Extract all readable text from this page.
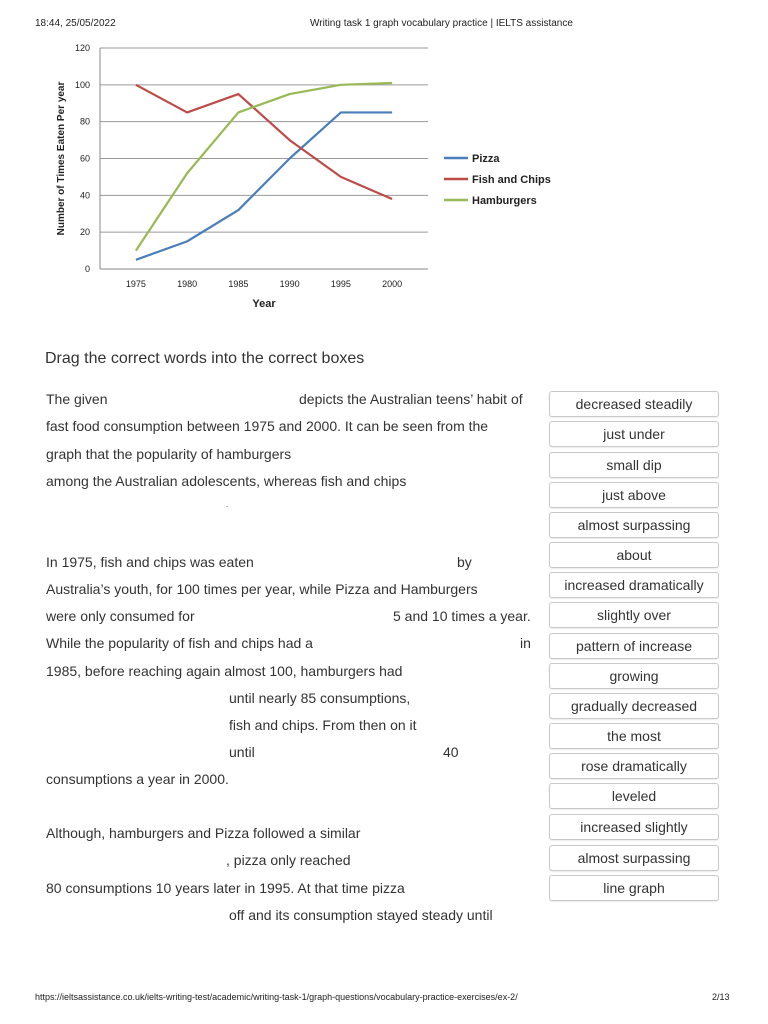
18:44, 25/05/2022	Writing task 1 graph vocabulary practice | IELTS assistance
0
20
40
60
80
100
120
1975	1980	1985	1990	1995	2000
Pizza
Fish and Chips
Hamburgers
Number of Times Eaten Per year
Year
Drag the correct words into the correct boxes
The given	depicts the Australian teens’ habit of
fast food consumption between 1975 and 2000. It can be seen from the
graph that the popularity of hamburgers
among the Australian adolescents, whereas fish and chips
.
In 1975, fish and chips was eaten	by
Australia’s youth, for 100 times per year, while Pizza and Hamburgers
were only consumed for	5 and 10 times a year.
While the popularity of fish and chips had a	in
1985, before reaching again almost 100, hamburgers had
until nearly 85 consumptions,
fish and chips. From then on it
until	40
consumptions a year in 2000.
Although, hamburgers and Pizza followed a similar
, pizza only reached
80 consumptions 10 years later in 1995. At that time pizza
off and its consumption stayed steady until
decreased steadily
just under
small dip
just above
almost surpassing
about
increased dramatically
slightly over
pattern of increase
growing
gradually decreased
the most
rose dramatically
leveled
increased slightly
almost surpassing
line graph
https://ieltsassistance.co.uk/ielts-writing-test/academic/writing-task-1/graph-questions/vocabulary-practice-exercises/ex-2/	2/13
